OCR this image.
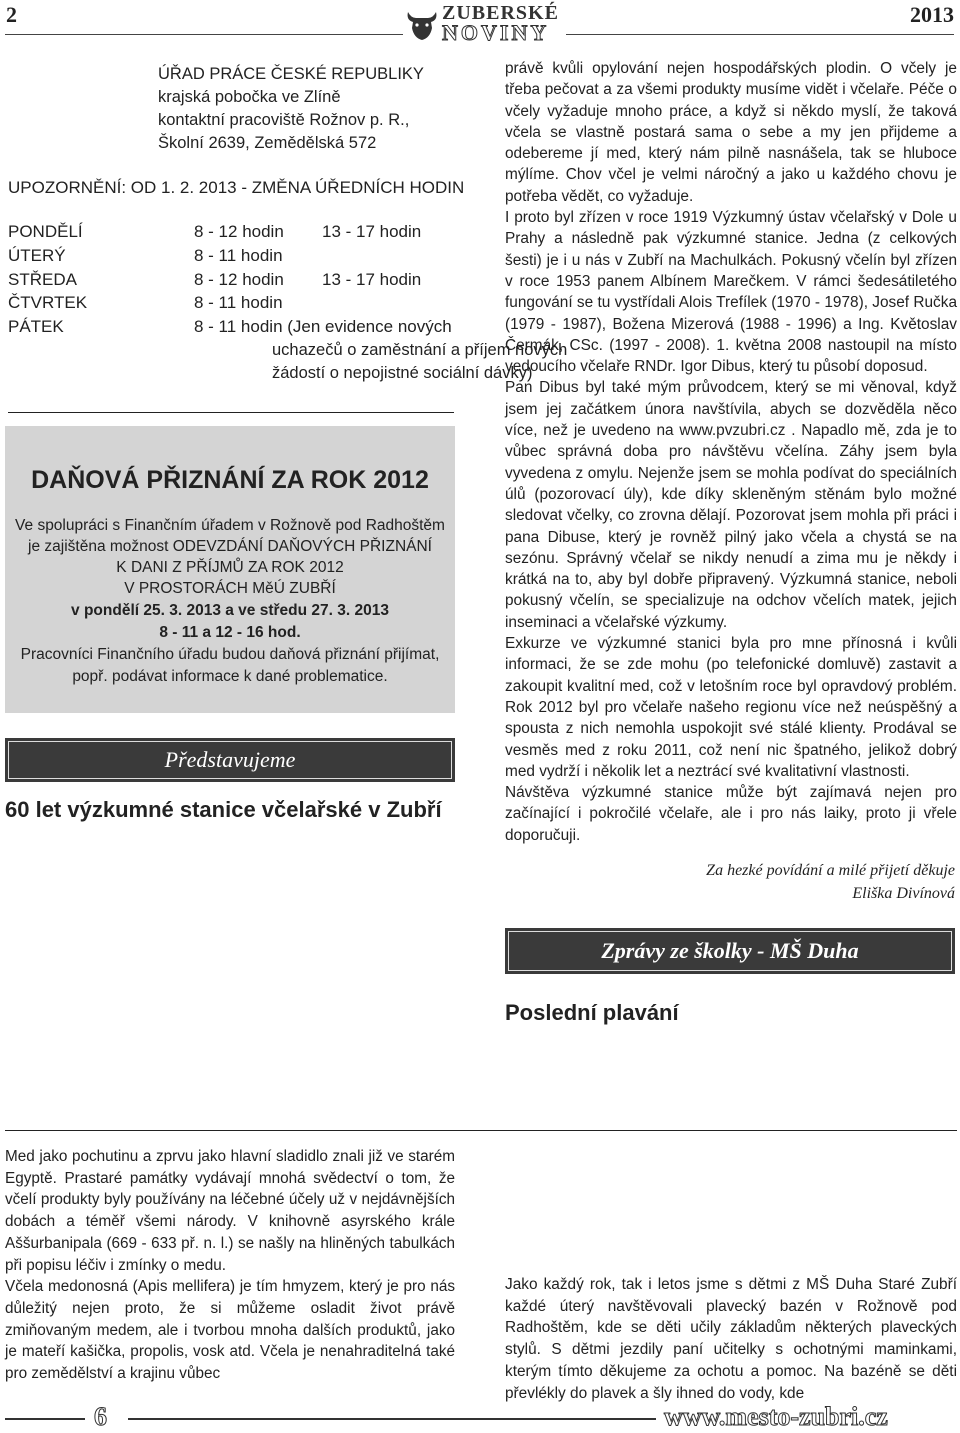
2	ZUBERSKÉ
NOVINY
2013
ÚŘAD PRÁCE ČESKÉ REPUBLIKY
krajská pobočka ve Zlíně
kontaktní pracoviště Rožnov p. R.,
Školní 2639, Zemědělská 572
UPOZORNĚNÍ: OD 1. 2. 2013 - ZMĚNA ÚŘEDNÍCH HODIN
PONDĚLÍ	8 - 12 hodin 13 - 17 hodin
ÚTERÝ	8 - 11 hodin
STŘEDA	8 - 12 hodin 13 - 17 hodin
ČTVRTEK	8 - 11 hodin
PÁTEK	8 - 11 hodin (Jen evidence nových
uchazečů o zaměstnání a příjem nových
žádostí o nepojistné sociální dávky)
DAŇOVÁ PŘIZNÁNÍ ZA ROK 2012
Ve spolupráci s Finančním úřadem v Rožnově pod Radhoštěm
je zajištěna možnost ODEVZDÁNÍ DAŇOVÝCH PŘIZNÁNÍ
K DANI Z PŘÍJMŮ ZA ROK 2012
V PROSTORÁCH MěÚ ZUBŘÍ
v pondělí 25. 3. 2013 a ve středu 27. 3. 2013
8 - 11 a 12 - 16 hod.
Pracovníci Finančního úřadu budou daňová přiznání přijímat,
popř. podávat informace k dané problematice.
Představujeme
60 let výzkumné stanice včelařské v Zubří

právě kvůli opylování nejen hospodářských plodin. O včely je třeba pečovat a za všemi produkty musíme vidět i včelaře. Péče o včely vyžaduje mnoho práce, a když si někdo myslí, že taková včela se vlastně postará sama o sebe a my jen přijdeme a odebereme jí med, který nám pilně nasnášela, tak se hluboce mýlíme. Chov včel je velmi náročný a jako u každého chovu je potřeba vědět, co vyžaduje.

I proto byl zřízen v roce 1919 Výzkumný ústav včelařský v Dole u Prahy a následně pak výzkumné stanice. Jedna (z celkových šesti) je i u nás v Zubří na Machulkách. Pokusný včelín byl zřízen v roce 1953 panem Albínem Marečkem. V rámci šedesátiletého fungování se tu vystřídali Alois Trefílek (1970 - 1978), Josef Ručka (1979 - 1987), Božena Mizerová (1988 - 1996) a Ing. Květoslav Čermák, CSc. (1997 - 2008). 1. května 2008 nastoupil na místo vedoucího včelaře RNDr. Igor Dibus, který tu působí doposud.

Pan Dibus byl také mým průvodcem, který se mi věnoval, když jsem jej začátkem února navštívila, abych se dozvěděla něco více, než je uvedeno na www.pvzubri.cz . Napadlo mě, zda je to vůbec správná doba pro návštěvu včelína. Záhy jsem byla vyvedena z omylu. Nejenže jsem se mohla podívat do speciálních úlů (pozorovací úly), kde díky skleněným stěnám bylo možné sledovat včelky, co zrovna dělají. Pozorovat jsem mohla při práci i pana Dibuse, který je rovněž pilný jako včela a chystá se na sezónu. Správný včelař se nikdy nenudí a zima mu je někdy i krátká na to, aby byl dobře připravený. Výzkumná stanice, neboli pokusný včelín, se specializuje na odchov včelích matek, jejich inseminaci a včelařské výzkumy.

Exkurze ve výzkumné stanici byla pro mne přínosná i kvůli informaci, že se zde mohu (po telefonické domluvě) zastavit a zakoupit kvalitní med, což v letošním roce byl opravdový problém. Rok 2012 byl pro včelaře našeho regionu více než neúspěšný a spousta z nich nemohla uspokojit své stálé klienty. Prodával se vesměs med z roku 2011, což není nic špatného, jelikož dobrý med vydrží i několik let a neztrácí své kvalitativní vlastnosti.

Návštěva výzkumné stanice může být zajímavá nejen pro začínající i pokročilé včelaře, ale i pro nás laiky, proto ji vřele doporučuji.

Za hezké povídání a milé přijetí děkuje
Eliška Divínová
Zprávy ze školky - MŠ Duha
Poslední plavání

Med jako pochutinu a zprvu jako hlavní sladidlo znali již ve starém Egyptě. Prastaré památky vydávají mnohá svědectví o tom, že včelí produkty byly používány na léčebné účely už v nejdávnějších dobách a téměř všemi národy. V knihovně asyrského krále Aššurbanipala (669 - 633 př. n. l.) se našly na hliněných tabulkách při popisu léčiv i zmínky o medu.

Včela medonosná (Apis mellifera) je tím hmyzem, který je pro nás důležitý nejen proto, že si můžeme osladit život právě zmiňovaným medem, ale i tvorbou mnoha dalších produktů, jako je mateří kašička, propolis, vosk atd. Včela je nenahraditelná také pro zemědělství a krajinu vůbec

Jako každý rok, tak i letos jsme s dětmi z MŠ Duha Staré Zubří každé úterý navštěvovali plavecký bazén v Rožnově pod Radhoštěm, kde se děti učily základům některých plaveckých stylů. S dětmi jezdily paní učitelky s ochotnými maminkami, kterým tímto děkujeme za ochotu a pomoc. Na bazéně se děti převlékly do plavek a šly ihned do vody, kde

6	www.mesto-zubri.cz
